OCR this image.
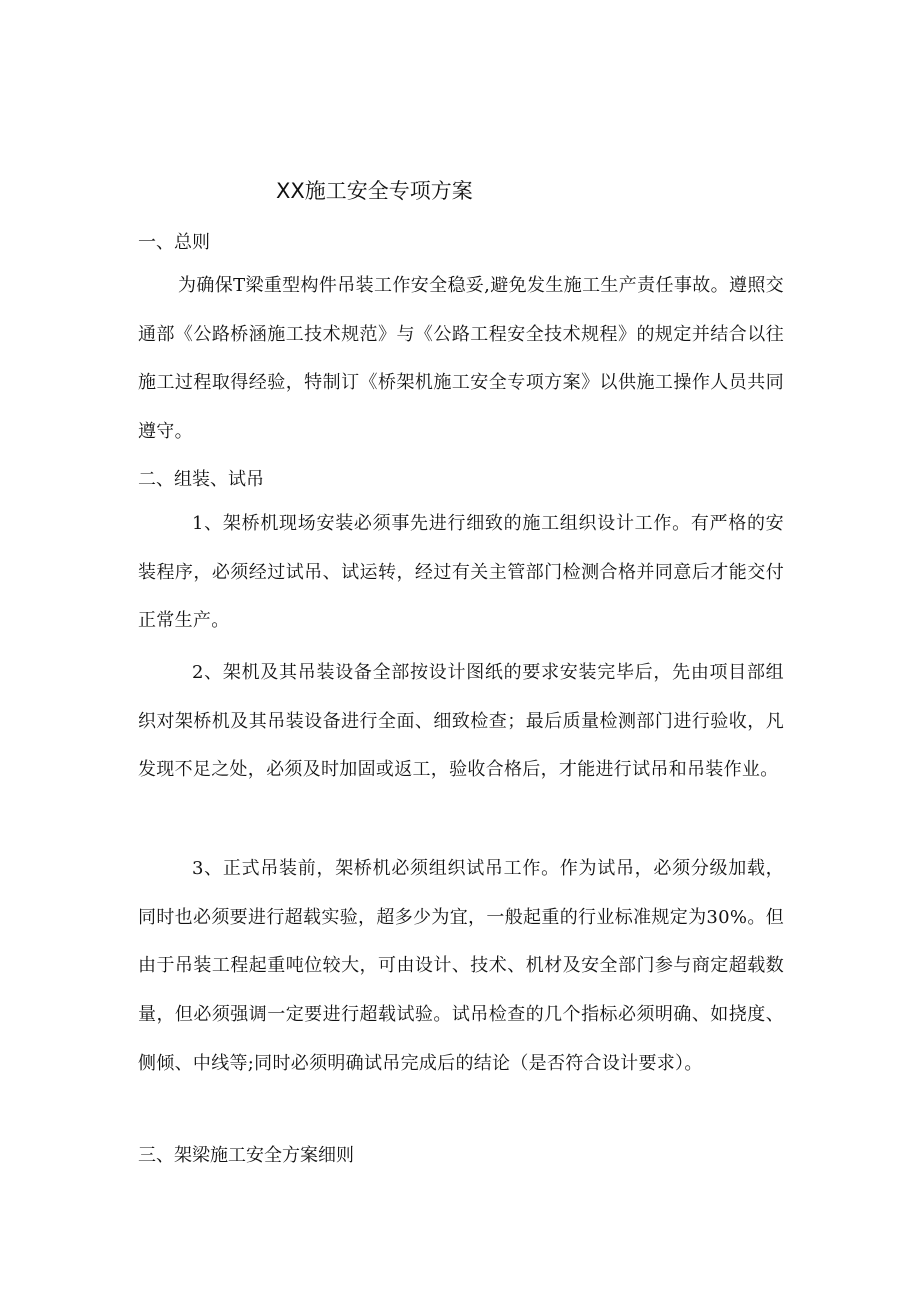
XX施工安全专项方案
一、总则

为确保T梁重型构件吊装工作安全稳妥,避免发生施工生产责任事故。遵照交通部《公路桥涵施工技术规范》与《公路工程安全技术规程》的规定并结合以往施工过程取得经验，特制订《桥架机施工安全专项方案》以供施工操作人员共同遵守。

二、组装、试吊

1、架桥机现场安装必须事先进行细致的施工组织设计工作。有严格的安装程序，必须经过试吊、试运转，经过有关主管部门检测合格并同意后才能交付正常生产。

2、架机及其吊装设备全部按设计图纸的要求安装完毕后，先由项目部组织对架桥机及其吊装设备进行全面、细致检查；最后质量检测部门进行验收，凡发现不足之处，必须及时加固或返工，验收合格后，才能进行试吊和吊装作业。

3、正式吊装前，架桥机必须组织试吊工作。作为试吊，必须分级加载，同时也必须要进行超载实验，超多少为宜，一般起重的行业标准规定为30%。但由于吊装工程起重吨位较大，可由设计、技术、机材及安全部门参与商定超载数量，但必须强调一定要进行超载试验。试吊检查的几个指标必须明确、如挠度、侧倾、中线等;同时必须明确试吊完成后的结论（是否符合设计要求）。

三、架梁施工安全方案细则
